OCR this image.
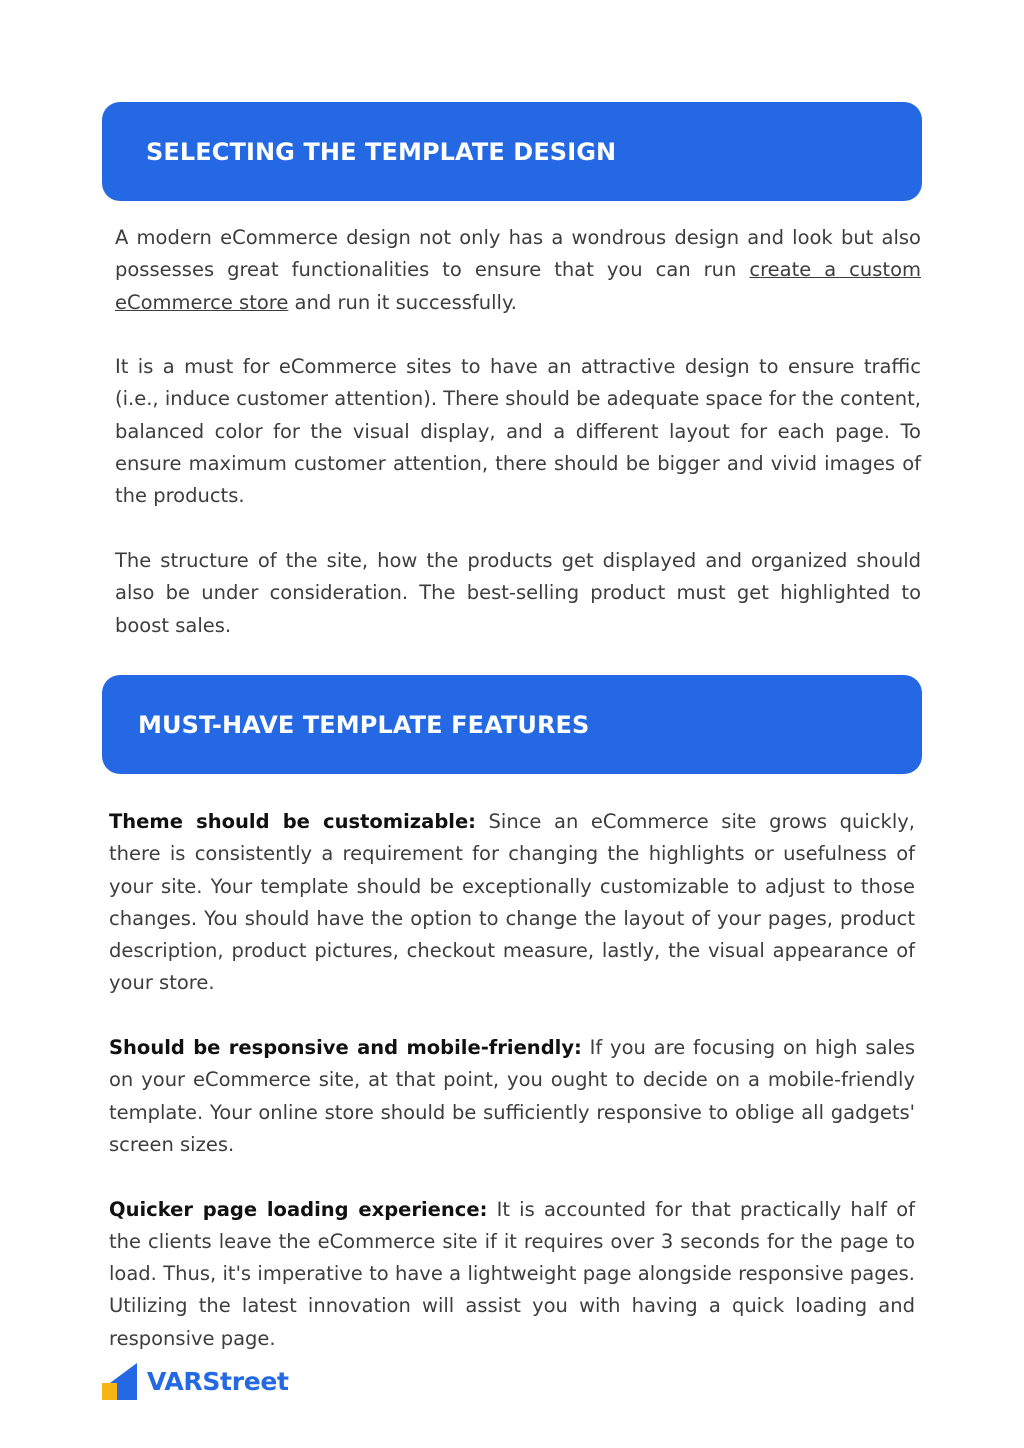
SELECTING THE TEMPLATE DESIGN

A modern eCommerce design not only has a wondrous design and look but also possesses great functionalities to ensure that you can run create a custom eCommerce store and run it successfully.

It is a must for eCommerce sites to have an attractive design to ensure traffic (i.e., induce customer attention). There should be adequate space for the content, balanced color for the visual display, and a different layout for each page. To ensure maximum customer attention, there should be bigger and vivid images of the products.

The structure of the site, how the products get displayed and organized should also be under consideration. The best-selling product must get highlighted to boost sales.

MUST-HAVE TEMPLATE FEATURES

Theme should be customizable: Since an eCommerce site grows quickly, there is consistently a requirement for changing the highlights or usefulness of your site. Your template should be exceptionally customizable to adjust to those changes. You should have the option to change the layout of your pages, product description, product pictures, checkout measure, lastly, the visual appearance of your store.

Should be responsive and mobile-friendly: If you are focusing on high sales on your eCommerce site, at that point, you ought to decide on a mobile-friendly template. Your online store should be sufficiently responsive to oblige all gadgets' screen sizes.

Quicker page loading experience: It is accounted for that practically half of the clients leave the eCommerce site if it requires over 3 seconds for the page to load. Thus, it's imperative to have a lightweight page alongside responsive pages. Utilizing the latest innovation will assist you with having a quick loading and responsive page.

VARStreet
